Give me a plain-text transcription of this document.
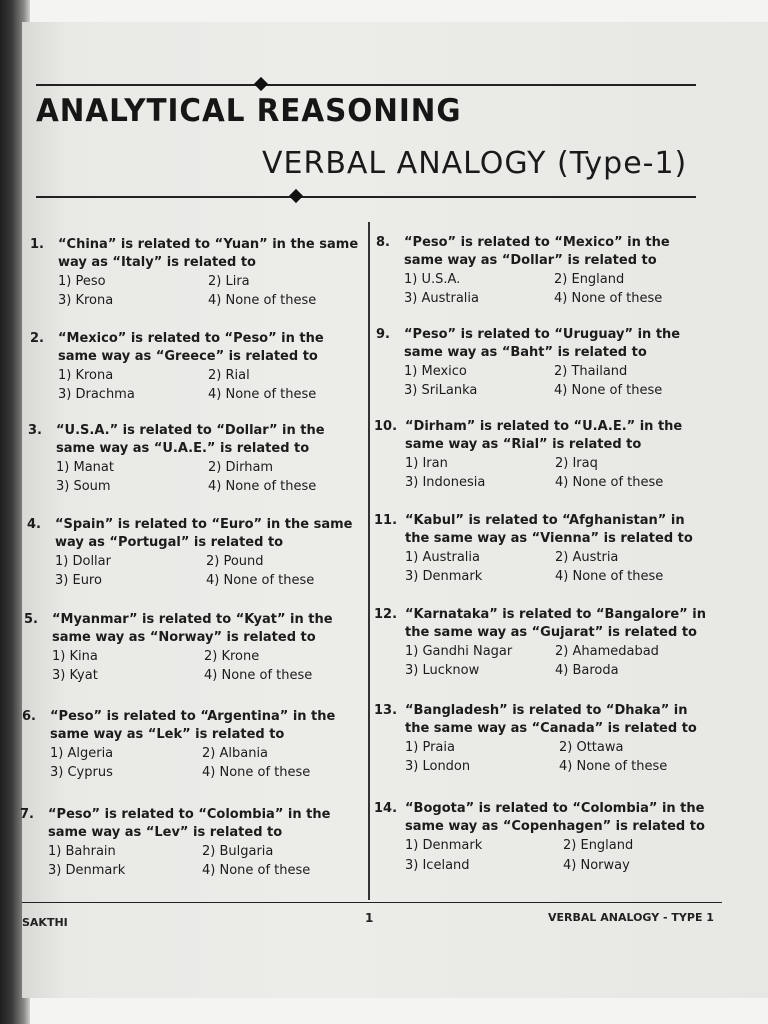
ANALYTICAL REASONING
VERBAL ANALOGY (Type-1)
1. “China” is related to “Yuan” in the same way as “Italy” is related to
1) Peso	2) Lira
3) Krona	4) None of these
2. “Mexico” is related to “Peso” in the same way as “Greece” is related to
1) Krona	2) Rial
3) Drachma	4) None of these
3. “U.S.A.” is related to “Dollar” in the same way as “U.A.E.” is related to
1) Manat	2) Dirham
3) Soum	4) None of these
4. “Spain” is related to “Euro” in the same way as “Portugal” is related to
1) Dollar	2) Pound
3) Euro	4) None of these
5. “Myanmar” is related to “Kyat” in the same way as “Norway” is related to
1) Kina	2) Krone
3) Kyat	4) None of these
6. “Peso” is related to “Argentina” in the same way as “Lek” is related to
1) Algeria	2) Albania
3) Cyprus	4) None of these
7. “Peso” is related to “Colombia” in the same way as “Lev” is related to
1) Bahrain	2) Bulgaria
3) Denmark	4) None of these
8. “Peso” is related to “Mexico” in the same way as “Dollar” is related to
1) U.S.A.	2) England
3) Australia	4) None of these
9. “Peso” is related to “Uruguay” in the same way as “Baht” is related to
1) Mexico	2) Thailand
3) SriLanka	4) None of these
10. “Dirham” is related to “U.A.E.” in the same way as “Rial” is related to
1) Iran	2) Iraq
3) Indonesia	4) None of these
11. “Kabul” is related to “Afghanistan” in the same way as “Vienna” is related to
1) Australia	2) Austria
3) Denmark	4) None of these
12. “Karnataka” is related to “Bangalore” in the same way as “Gujarat” is related to
1) Gandhi Nagar	2) Ahamedabad
3) Lucknow	4) Baroda
13. “Bangladesh” is related to “Dhaka” in the same way as “Canada” is related to
1) Praia	2) Ottawa
3) London	4) None of these
14. “Bogota” is related to “Colombia” in the same way as “Copenhagen” is related to
1) Denmark	2) England
3) Iceland	4) Norway
SAKTHI	1	VERBAL ANALOGY - TYPE 1
